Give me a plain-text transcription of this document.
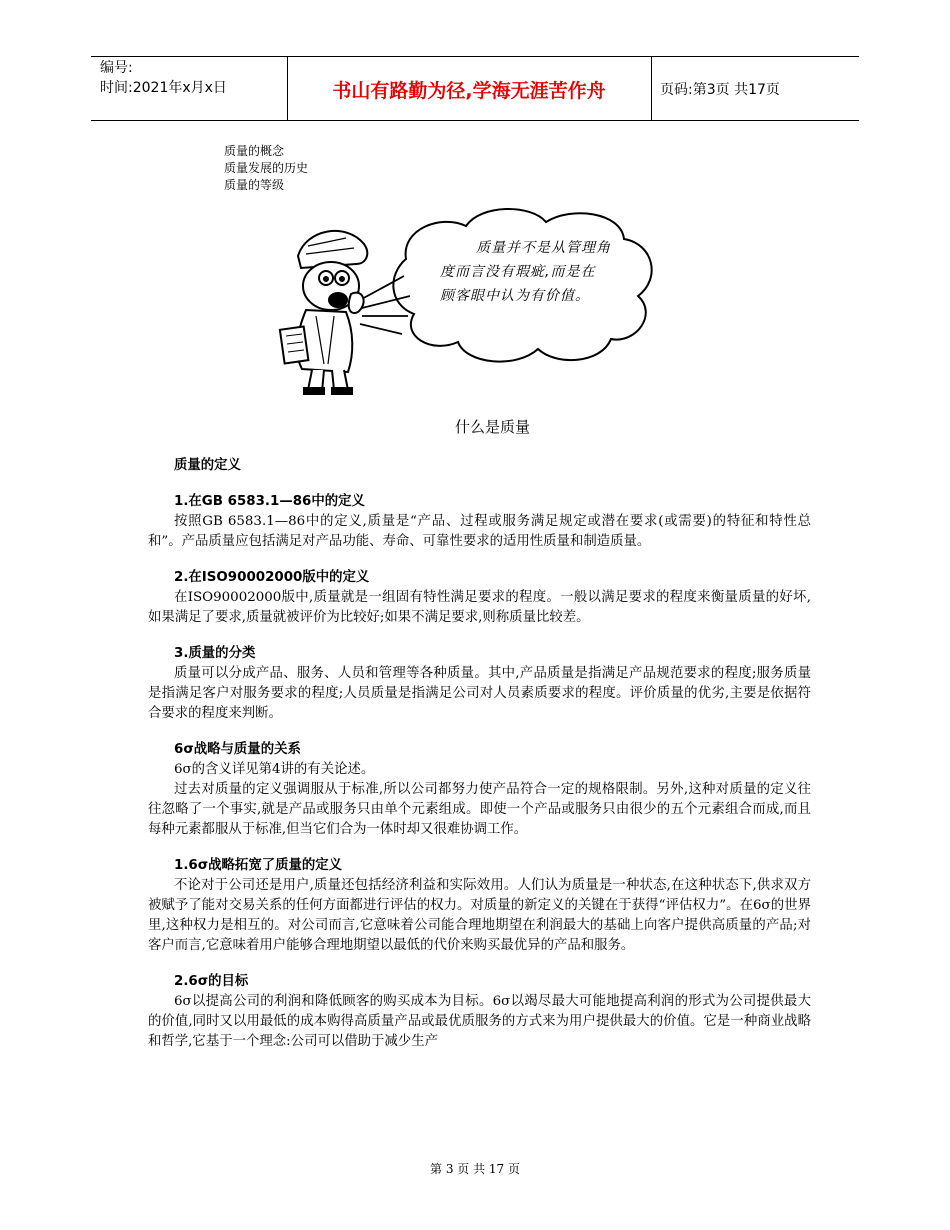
编号:
时间:2021年x月x日	书山有路勤为径,学海无涯苦作舟	页码:第3页 共17页
质量的概念
质量发展的历史
质量的等级
质量并不是从管理角
度而言没有瑕疵,而是在
顾客眼中认为有价值。
什么是质量

质量的定义

1.在GB 6583.1—86中的定义

按照GB 6583.1—86中的定义,质量是“产品、过程或服务满足规定或潜在要求(或需要)的特征和特性总和”。产品质量应包括满足对产品功能、寿命、可靠性要求的适用性质量和制造质量。

2.在ISO90002000版中的定义

在ISO90002000版中,质量就是一组固有特性满足要求的程度。一般以满足要求的程度来衡量质量的好坏,如果满足了要求,质量就被评价为比较好;如果不满足要求,则称质量比较差。

3.质量的分类

质量可以分成产品、服务、人员和管理等各种质量。其中,产品质量是指满足产品规范要求的程度;服务质量是指满足客户对服务要求的程度;人员质量是指满足公司对人员素质要求的程度。评价质量的优劣,主要是依据符合要求的程度来判断。

6σ战略与质量的关系

6σ的含义详见第4讲的有关论述。

过去对质量的定义强调服从于标准,所以公司都努力使产品符合一定的规格限制。另外,这种对质量的定义往往忽略了一个事实,就是产品或服务只由单个元素组成。即使一个产品或服务只由很少的五个元素组合而成,而且每种元素都服从于标准,但当它们合为一体时却又很难协调工作。

1.6σ战略拓宽了质量的定义

不论对于公司还是用户,质量还包括经济利益和实际效用。人们认为质量是一种状态,在这种状态下,供求双方被赋予了能对交易关系的任何方面都进行评估的权力。对质量的新定义的关键在于获得“评估权力”。在6σ的世界里,这种权力是相互的。对公司而言,它意味着公司能合理地期望在利润最大的基础上向客户提供高质量的产品;对客户而言,它意味着用户能够合理地期望以最低的代价来购买最优异的产品和服务。

2.6σ的目标

6σ以提高公司的利润和降低顾客的购买成本为目标。6σ以竭尽最大可能地提高利润的形式为公司提供最大的价值,同时又以用最低的成本购得高质量产品或最优质服务的方式来为用户提供最大的价值。它是一种商业战略和哲学,它基于一个理念:公司可以借助于减少生产

第 3 页 共 17 页
